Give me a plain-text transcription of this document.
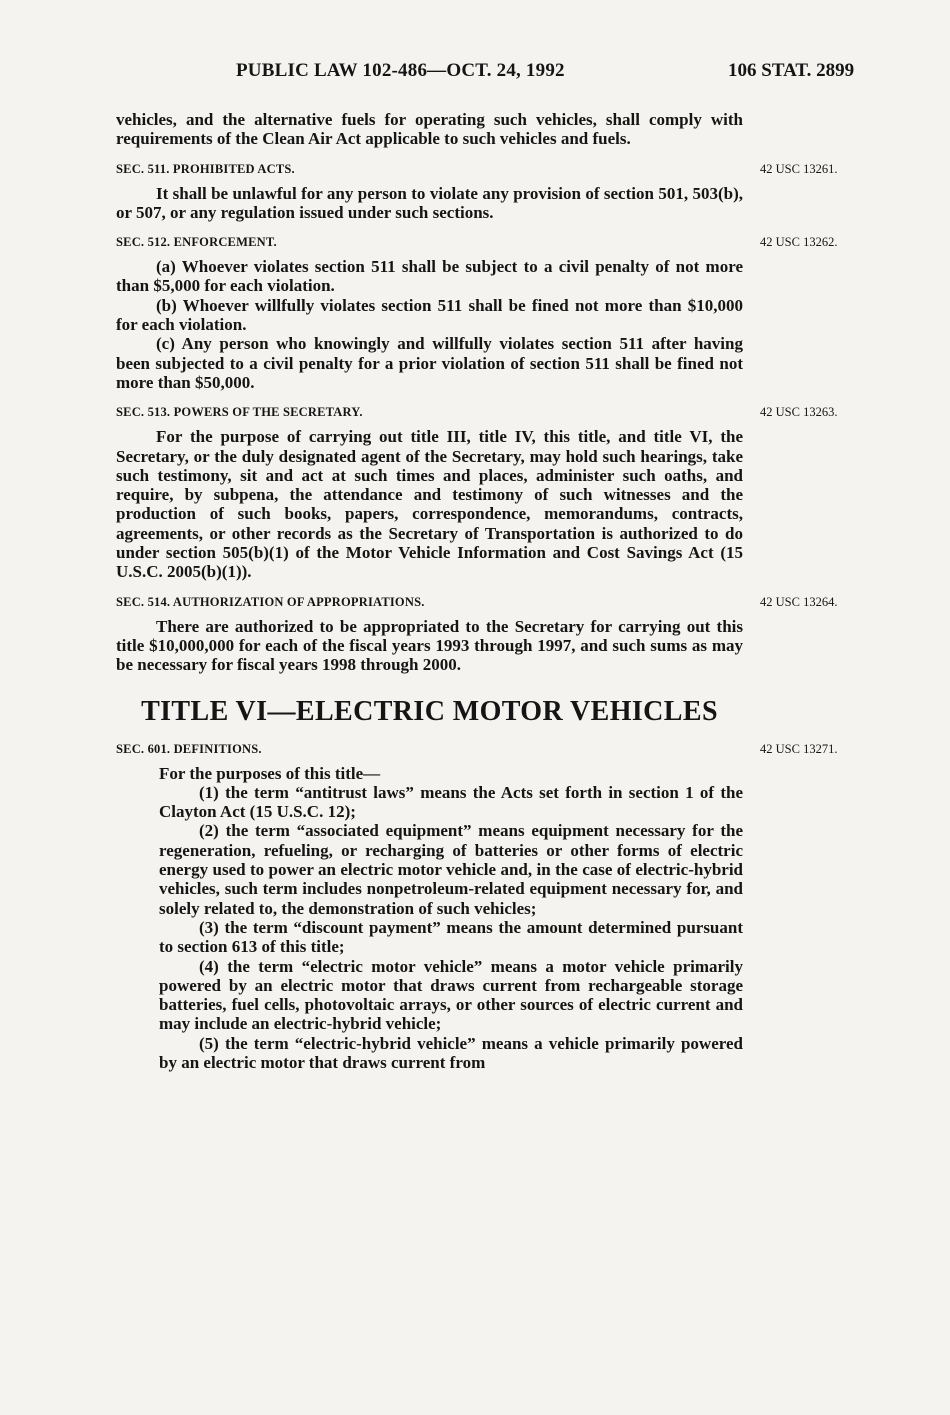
PUBLIC LAW 102-486—OCT. 24, 1992	106 STAT. 2899

vehicles, and the alternative fuels for operating such vehicles, shall comply with requirements of the Clean Air Act applicable to such vehicles and fuels.

SEC. 511. PROHIBITED ACTS.	42 USC 13261.

It shall be unlawful for any person to violate any provision of section 501, 503(b), or 507, or any regulation issued under such sections.

SEC. 512. ENFORCEMENT.	42 USC 13262.

(a) Whoever violates section 511 shall be subject to a civil penalty of not more than $5,000 for each violation.

(b) Whoever willfully violates section 511 shall be fined not more than $10,000 for each violation.

(c) Any person who knowingly and willfully violates section 511 after having been subjected to a civil penalty for a prior violation of section 511 shall be fined not more than $50,000.

SEC. 513. POWERS OF THE SECRETARY.	42 USC 13263.

For the purpose of carrying out title III, title IV, this title, and title VI, the Secretary, or the duly designated agent of the Secretary, may hold such hearings, take such testimony, sit and act at such times and places, administer such oaths, and require, by subpena, the attendance and testimony of such witnesses and the production of such books, papers, correspondence, memorandums, contracts, agreements, or other records as the Secretary of Transportation is authorized to do under section 505(b)(1) of the Motor Vehicle Information and Cost Savings Act (15 U.S.C. 2005(b)(1)).

SEC. 514. AUTHORIZATION OF APPROPRIATIONS.	42 USC 13264.

There are authorized to be appropriated to the Secretary for carrying out this title $10,000,000 for each of the fiscal years 1993 through 1997, and such sums as may be necessary for fiscal years 1998 through 2000.

TITLE VI—ELECTRIC MOTOR VEHICLES
SEC. 601. DEFINITIONS.	42 USC 13271.

For the purposes of this title—

(1) the term “antitrust laws” means the Acts set forth in section 1 of the Clayton Act (15 U.S.C. 12);

(2) the term “associated equipment” means equipment necessary for the regeneration, refueling, or recharging of batteries or other forms of electric energy used to power an electric motor vehicle and, in the case of electric-hybrid vehicles, such term includes nonpetroleum-related equipment necessary for, and solely related to, the demonstration of such vehicles;

(3) the term “discount payment” means the amount determined pursuant to section 613 of this title;

(4) the term “electric motor vehicle” means a motor vehicle primarily powered by an electric motor that draws current from rechargeable storage batteries, fuel cells, photovoltaic arrays, or other sources of electric current and may include an electric-hybrid vehicle;

(5) the term “electric-hybrid vehicle” means a vehicle primarily powered by an electric motor that draws current from
